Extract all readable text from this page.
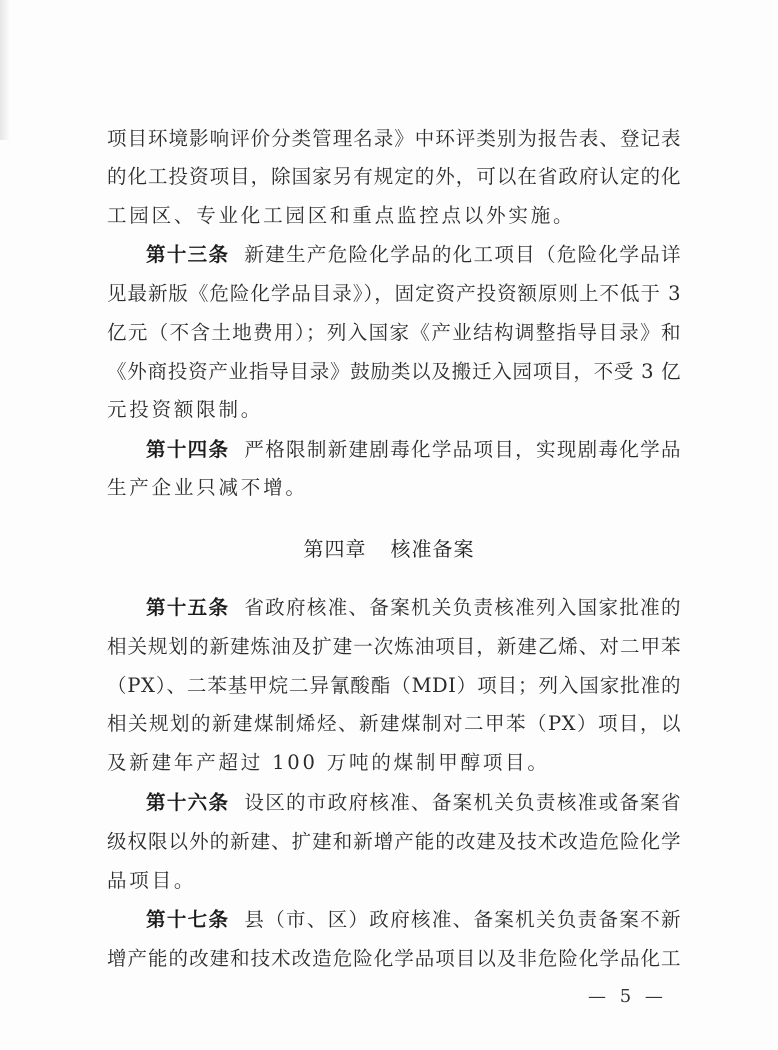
项目环境影响评价分类管理名录》中环评类别为报告表、登记表
的化工投资项目，除国家另有规定的外，可以在省政府认定的化
工园区、专业化工园区和重点监控点以外实施。
第十三条 新建生产危险化学品的化工项目（危险化学品详
见最新版《危险化学品目录》），固定资产投资额原则上不低于 3
亿元（不含土地费用）；列入国家《产业结构调整指导目录》和
《外商投资产业指导目录》鼓励类以及搬迁入园项目，不受 3 亿
元投资额限制。
第十四条 严格限制新建剧毒化学品项目，实现剧毒化学品
生产企业只减不增。
第四章 核准备案
第十五条 省政府核准、备案机关负责核准列入国家批准的
相关规划的新建炼油及扩建一次炼油项目，新建乙烯、对二甲苯
（PX）、二苯基甲烷二异氰酸酯（MDI）项目；列入国家批准的
相关规划的新建煤制烯烃、新建煤制对二甲苯（PX）项目，以
及新建年产超过 100 万吨的煤制甲醇项目。
第十六条 设区的市政府核准、备案机关负责核准或备案省
级权限以外的新建、扩建和新增产能的改建及技术改造危险化学
品项目。
第十七条 县（市、区）政府核准、备案机关负责备案不新
增产能的改建和技术改造危险化学品项目以及非危险化学品化工
— 5 —
